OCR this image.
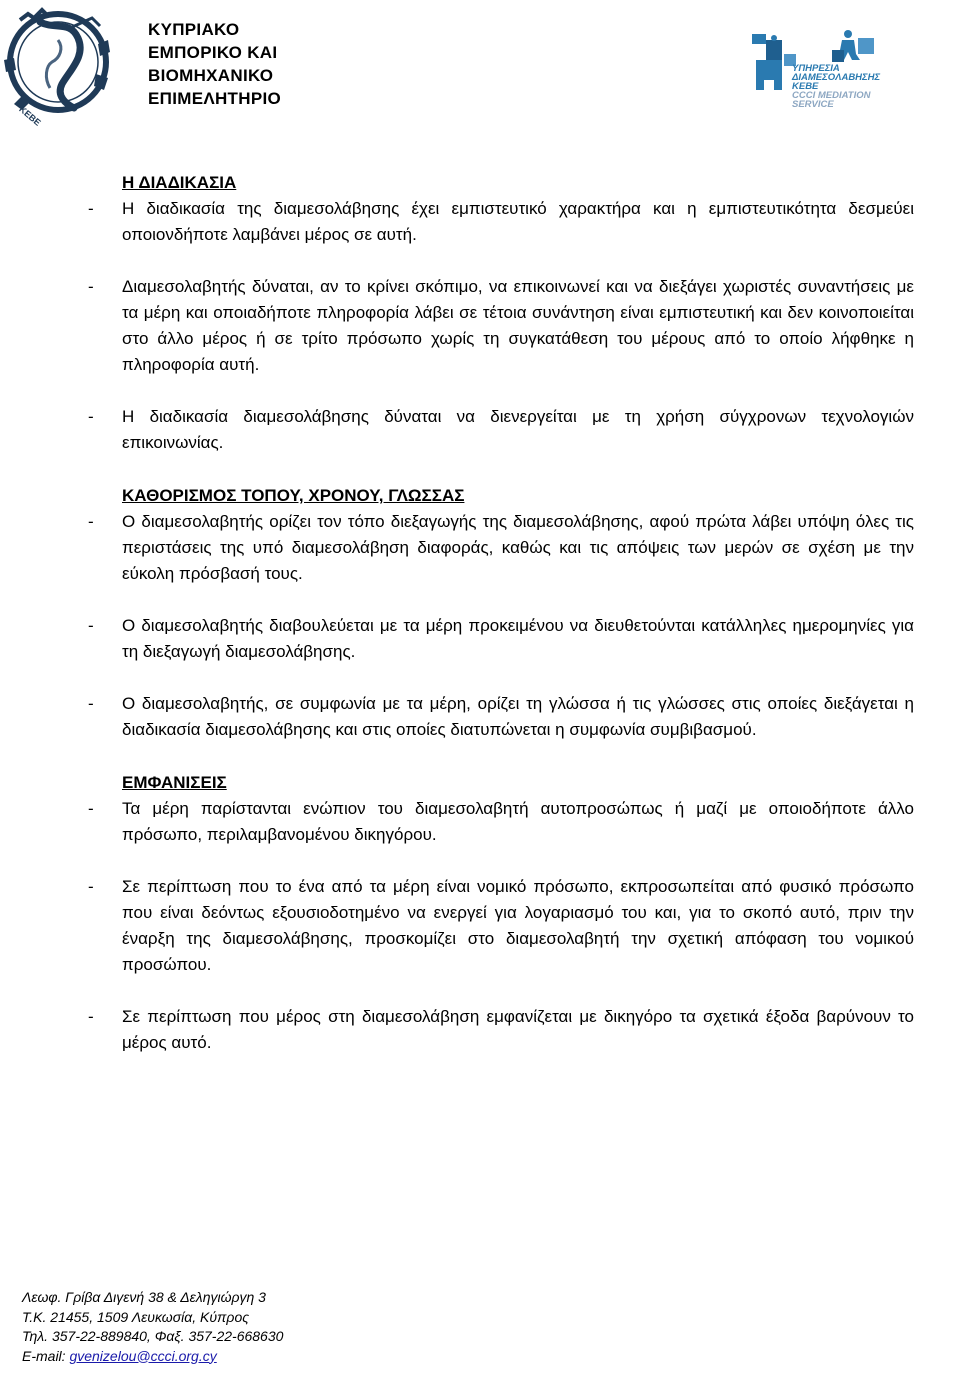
ΚΕΒΕ
ΚΥΠΡΙΑΚΟ
ΕΜΠΟΡΙΚΟ ΚΑΙ
ΒΙΟΜΗΧΑΝΙΚΟ
ΕΠΙΜΕΛΗΤΗΡΙΟ
ΥΠΗΡΕΣΙΑ
ΔΙΑΜΕΣΟΛΑΒΗΣΗΣ
ΚΕΒΕ
CCCI MEDIATION
SERVICE
Η ΔΙΑΔΙΚΑΣΙΑ
- Η διαδικασία της διαμεσολάβησης έχει εμπιστευτικό χαρακτήρα και η εμπιστευτικότητα δεσμεύει οποιονδήποτε λαμβάνει μέρος σε αυτή.
- Διαμεσολαβητής δύναται, αν το κρίνει σκόπιμο, να επικοινωνεί και να διεξάγει χωριστές συναντήσεις με τα μέρη και οποιαδήποτε πληροφορία λάβει σε τέτοια συνάντηση είναι εμπιστευτική και δεν κοινοποιείται στο άλλο μέρος ή σε τρίτο πρόσωπο χωρίς τη συγκατάθεση του μέρους από το οποίο λήφθηκε η πληροφορία αυτή.
- Η διαδικασία διαμεσολάβησης δύναται να διενεργείται με τη χρήση σύγχρονων τεχνολογιών επικοινωνίας.
ΚΑΘΟΡΙΣΜΟΣ ΤΟΠΟΥ, ΧΡΟΝΟΥ, ΓΛΩΣΣΑΣ
- Ο διαμεσολαβητής ορίζει τον τόπο διεξαγωγής της διαμεσολάβησης, αφού πρώτα λάβει υπόψη όλες τις περιστάσεις της υπό διαμεσολάβηση διαφοράς, καθώς και τις απόψεις των μερών σε σχέση με την εύκολη πρόσβασή τους.
- Ο διαμεσολαβητής διαβουλεύεται με τα μέρη προκειμένου να διευθετούνται κατάλληλες ημερομηνίες για τη διεξαγωγή διαμεσολάβησης.
- Ο διαμεσολαβητής, σε συμφωνία με τα μέρη, ορίζει τη γλώσσα ή τις γλώσσες στις οποίες διεξάγεται η διαδικασία διαμεσολάβησης και στις οποίες διατυπώνεται η συμφωνία συμβιβασμού.
ΕΜΦΑΝΙΣΕΙΣ
- Τα μέρη παρίστανται ενώπιον του διαμεσολαβητή αυτοπροσώπως ή μαζί με οποιοδήποτε άλλο πρόσωπο, περιλαμβανομένου δικηγόρου.
- Σε περίπτωση που το ένα από τα μέρη είναι νομικό πρόσωπο, εκπροσωπείται από φυσικό πρόσωπο που είναι δεόντως εξουσιοδοτημένο να ενεργεί για λογαριασμό του και, για το σκοπό αυτό, πριν την έναρξη της διαμεσολάβησης, προσκομίζει στο διαμεσολαβητή την σχετική απόφαση του νομικού προσώπου.
- Σε περίπτωση που μέρος στη διαμεσολάβηση εμφανίζεται με δικηγόρο τα σχετικά έξοδα βαρύνουν το μέρος αυτό.
Λεωφ. Γρίβα Διγενή 38 & Δεληγιώργη 3
Τ.Κ. 21455, 1509 Λευκωσία, Κύπρος
Τηλ. 357-22-889840, Φαξ. 357-22-668630
E-mail: gvenizelou@ccci.org.cy
